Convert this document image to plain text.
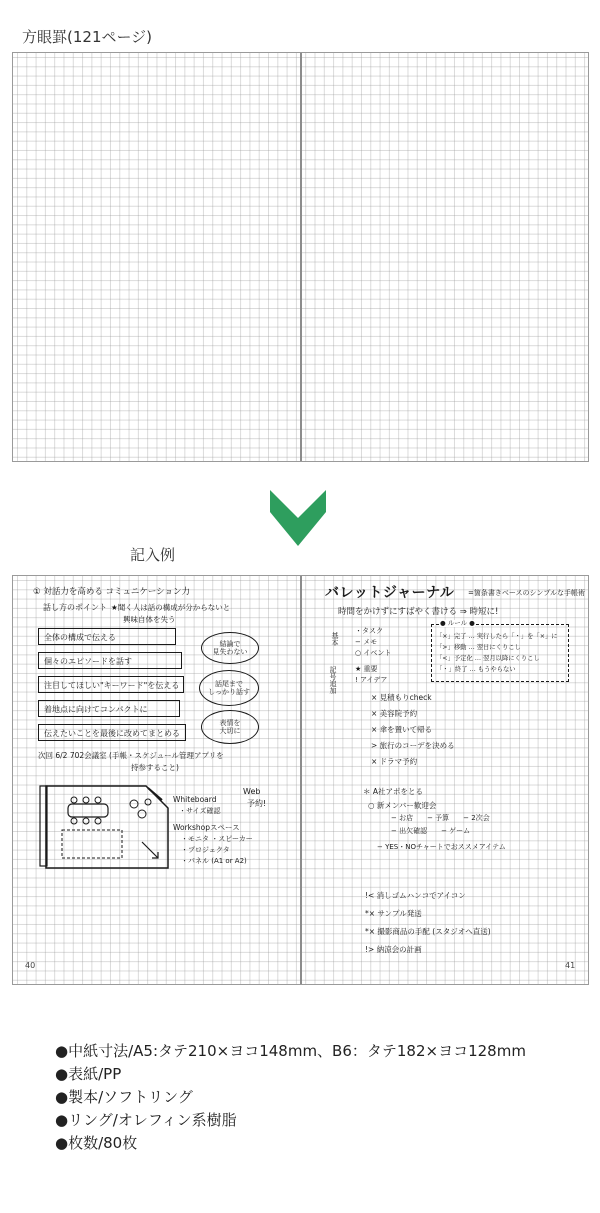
方眼罫(121ページ)
記入例
① 対話力を高める コミュニケーション力
話し方のポイント ★聞く人は話の構成が分からないと
興味自体を失う
全体の構成で伝える
個々のエピソードを話す
注目してほしい"キーワード"を伝える
着地点に向けてコンパクトに
伝えたいことを最後に改めてまとめる
結論で
見失わない
話尾まで
しっかり話す
表情を
大切に
次回 6/2 702会議室 (手帳・スケジュール管理アプリを
持参すること)
Whiteboard
・サイズ確認
Web
予約!
Workshopスペース
・モニタ ・スピーカー
・プロジェクタ
・パネル (A1 or A2)
40
バレットジャーナル =箇条書きベースのシンプルな手帳術
時間をかけずにすばやく書ける ⇒ 時短に!
基本
・タスク
− メモ
○ イベント
記号追加	★ 重要
! アイデア
● ルール ●
「×」完了 … 実行したら「・」を「×」に
「>」移動 … 翌日にくりこし
「<」予定化 … 翌月以降にくりこし
「・」終了 … もうやらない
× 見積もりcheck
× 美容院予約
× 傘を置いて帰る
> 旅行のコーデを決める
× ドラマ予約
＊ A社アポをとる
○ 新メンバー歓迎会
− お店　　− 予算　　− 2次会
− 出欠確認　　− ゲーム
− YES・NOチャートでおススメアイテム
!< 消しゴムハンコでアイコン
*× サンプル発送
*× 撮影商品の手配 (スタジオへ直送)
!> 納涼会の計画
41
●中紙寸法/A5:タテ210×ヨコ148mm、B6：タテ182×ヨコ128mm
●表紙/PP
●製本/ソフトリング
●リング/オレフィン系樹脂
●枚数/80枚
